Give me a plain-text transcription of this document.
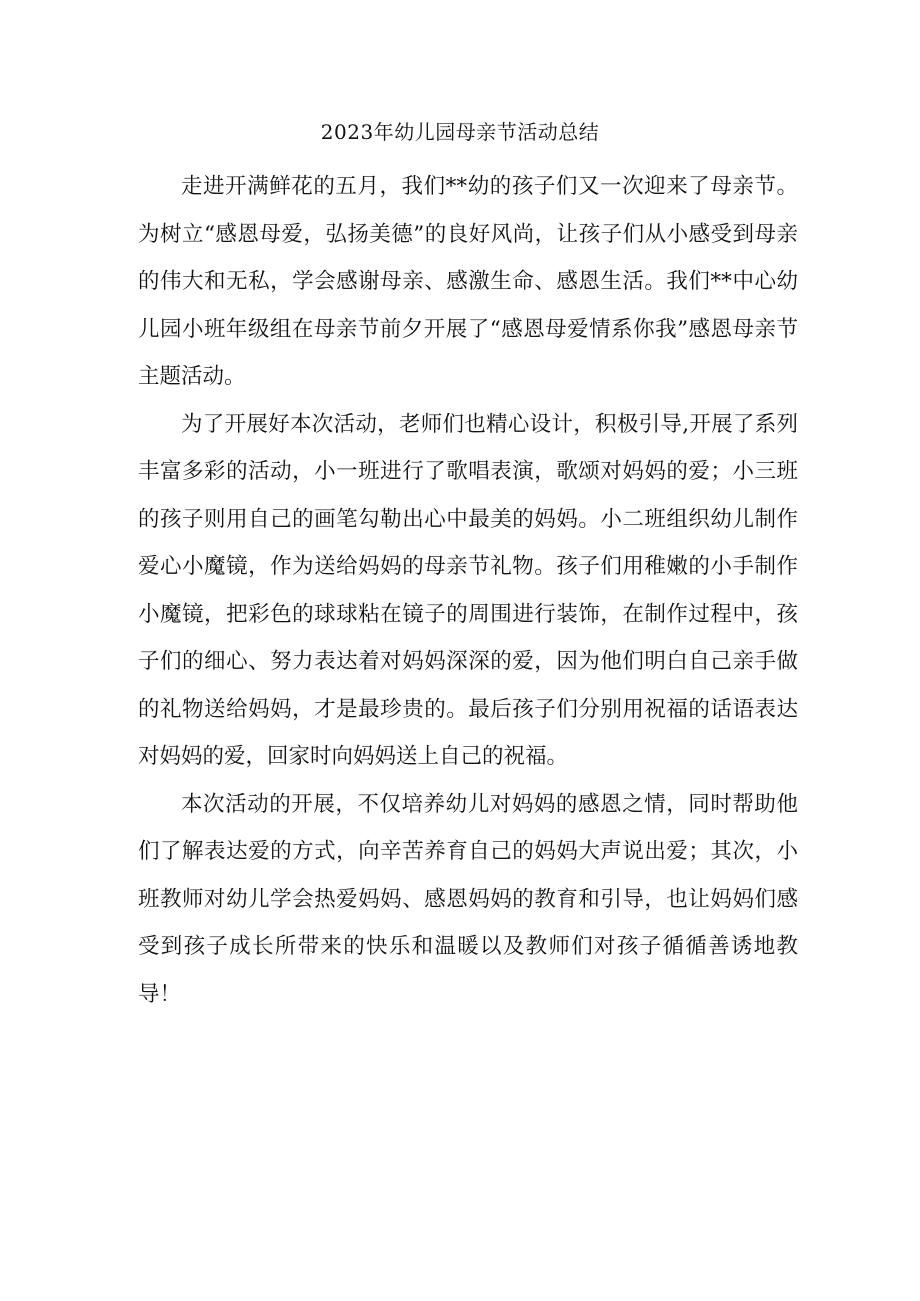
2023年幼儿园母亲节活动总结

走进开满鲜花的五月，我们**幼的孩子们又一次迎来了母亲节。为树立“感恩母爱，弘扬美德”的良好风尚，让孩子们从小感受到母亲的伟大和无私，学会感谢母亲、感激生命、感恩生活。我们**中心幼儿园小班年级组在母亲节前夕开展了“感恩母爱情系你我”感恩母亲节主题活动。

为了开展好本次活动，老师们也精心设计，积极引导,开展了系列丰富多彩的活动，小一班进行了歌唱表演，歌颂对妈妈的爱；小三班的孩子则用自己的画笔勾勒出心中最美的妈妈。小二班组织幼儿制作爱心小魔镜，作为送给妈妈的母亲节礼物。孩子们用稚嫩的小手制作小魔镜，把彩色的球球粘在镜子的周围进行装饰，在制作过程中，孩子们的细心、努力表达着对妈妈深深的爱，因为他们明白自己亲手做的礼物送给妈妈，才是最珍贵的。最后孩子们分别用祝福的话语表达对妈妈的爱，回家时向妈妈送上自己的祝福。

本次活动的开展，不仅培养幼儿对妈妈的感恩之情，同时帮助他们了解表达爱的方式，向辛苦养育自己的妈妈大声说出爱；其次，小班教师对幼儿学会热爱妈妈、感恩妈妈的教育和引导，也让妈妈们感受到孩子成长所带来的快乐和温暖以及教师们对孩子循循善诱地教导！
